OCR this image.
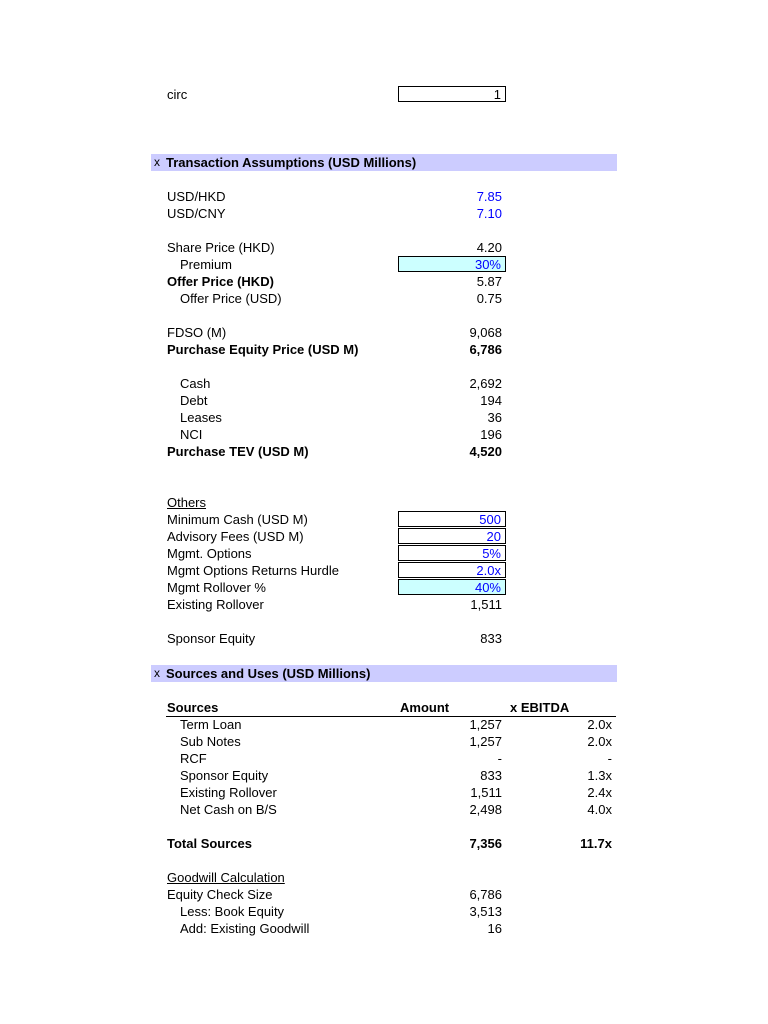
circ	1
x Transaction Assumptions (USD Millions)
USD/HKD	7.85
USD/CNY	7.10
Share Price (HKD)	4.20
Premium	30%
Offer Price (HKD)	5.87
Offer Price (USD)	0.75
FDSO (M)	9,068
Purchase Equity Price (USD M)	6,786
Cash	2,692
Debt	194
Leases	36
NCI	196
Purchase TEV (USD M)	4,520
Others
Minimum Cash (USD M)	500
Advisory Fees (USD M)	20
Mgmt. Options	5%
Mgmt Options Returns Hurdle	2.0x
Mgmt Rollover %	40%
Existing Rollover	1,511
Sponsor Equity	833
x Sources and Uses (USD Millions)
Sources	Amount	x EBITDA
Term Loan	1,257	2.0x
Sub Notes	1,257	2.0x
RCF	-	-
Sponsor Equity	833	1.3x
Existing Rollover	1,511	2.4x
Net Cash on B/S	2,498	4.0x
Total Sources	7,356	11.7x
Goodwill Calculation
Equity Check Size	6,786
Less: Book Equity	3,513
Add: Existing Goodwill	16
